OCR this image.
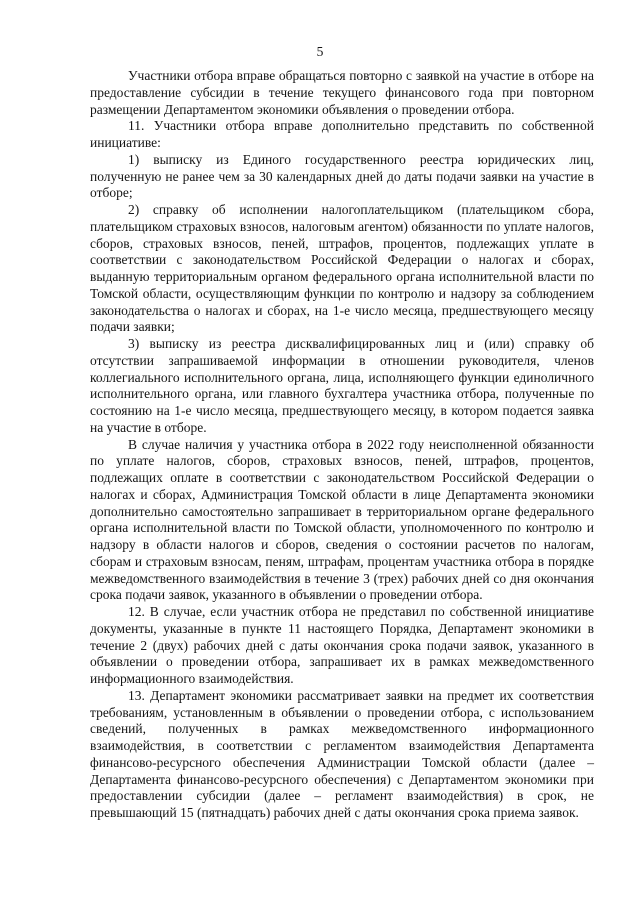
5

Участники отбора вправе обращаться повторно с заявкой на участие в отборе на предоставление субсидии в течение текущего финансового года при повторном размещении Департаментом экономики объявления о проведении отбора.

11. Участники отбора вправе дополнительно представить по собственной инициативе:

1) выписку из Единого государственного реестра юридических лиц, полученную не ранее чем за 30 календарных дней до даты подачи заявки на участие в отборе;

2) справку об исполнении налогоплательщиком (плательщиком сбора, плательщиком страховых взносов, налоговым агентом) обязанности по уплате налогов, сборов, страховых взносов, пеней, штрафов, процентов, подлежащих уплате в соответствии с законодательством Российской Федерации о налогах и сборах, выданную территориальным органом федерального органа исполнительной власти по Томской области, осуществляющим функции по контролю и надзору за соблюдением законодательства о налогах и сборах, на 1-е число месяца, предшествующего месяцу подачи заявки;

3) выписку из реестра дисквалифицированных лиц и (или) справку об отсутствии запрашиваемой информации в отношении руководителя, членов коллегиального исполнительного органа, лица, исполняющего функции единоличного исполнительного органа, или главного бухгалтера участника отбора, полученные по состоянию на 1-е число месяца, предшествующего месяцу, в котором подается заявка на участие в отборе.

В случае наличия у участника отбора в 2022 году неисполненной обязанности по уплате налогов, сборов, страховых взносов, пеней, штрафов, процентов, подлежащих оплате в соответствии с законодательством Российской Федерации о налогах и сборах, Администрация Томской области в лице Департамента экономики дополнительно самостоятельно запрашивает в территориальном органе федерального органа исполнительной власти по Томской области, уполномоченного по контролю и надзору в области налогов и сборов, сведения о состоянии расчетов по налогам, сборам и страховым взносам, пеням, штрафам, процентам участника отбора в порядке межведомственного взаимодействия в течение 3 (трех) рабочих дней со дня окончания срока подачи заявок, указанного в объявлении о проведении отбора.

12. В случае, если участник отбора не представил по собственной инициативе документы, указанные в пункте 11 настоящего Порядка, Департамент экономики в течение 2 (двух) рабочих дней с даты окончания срока подачи заявок, указанного в объявлении о проведении отбора, запрашивает их в рамках межведомственного информационного взаимодействия.

13. Департамент экономики рассматривает заявки на предмет их соответствия требованиям, установленным в объявлении о проведении отбора, с использованием сведений, полученных в рамках межведомственного информационного взаимодействия, в соответствии с регламентом взаимодействия Департамента финансово-ресурсного обеспечения Администрации Томской области (далее – Департамента финансово-ресурсного обеспечения) с Департаментом экономики при предоставлении субсидии (далее – регламент взаимодействия) в срок, не превышающий 15 (пятнадцать) рабочих дней с даты окончания срока приема заявок.
